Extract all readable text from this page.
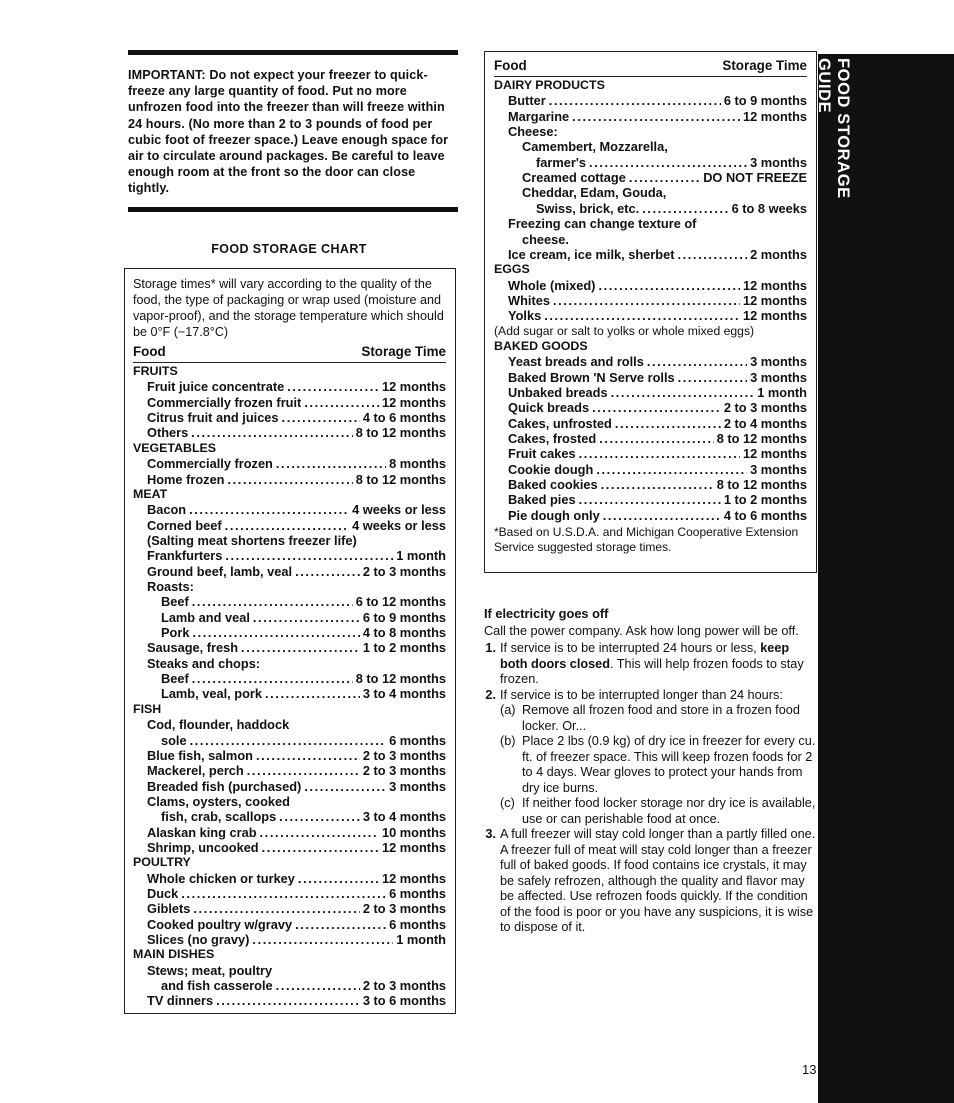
IMPORTANT: Do not expect your freezer to quick-freeze any large quantity of food. Put no more unfrozen food into the freezer than will freeze within 24 hours. (No more than 2 to 3 pounds of food per cubic foot of freezer space.) Leave enough space for air to circulate around packages. Be careful to leave enough room at the front so the door can close tightly.
FOOD STORAGE CHART
Storage times* will vary according to the quality of the food, the type of packaging or wrap used (moisture and vapor-proof), and the storage temperature which should be 0°F (−17.8°C)
Food	Storage Time
FRUITS
Fruit juice concentrate .....	12 months
Commercially frozen fruit .....	12 months
Citrus fruit and juices .....	4 to 6 months
Others .....	8 to 12 months
VEGETABLES
Commercially frozen .....	8 months
Home frozen .....	8 to 12 months
MEAT
Bacon .....	4 weeks or less
Corned beef .....	4 weeks or less
(Salting meat shortens freezer life)
Frankfurters .....	1 month
Ground beef, lamb, veal .....	2 to 3 months
Roasts:
Beef .....	6 to 12 months
Lamb and veal .....	6 to 9 months
Pork .....	4 to 8 months
Sausage, fresh .....	1 to 2 months
Steaks and chops:
Beef .....	8 to 12 months
Lamb, veal, pork .....	3 to 4 months
FISH
Cod, flounder, haddock
sole .....	6 months
Blue fish, salmon .....	2 to 3 months
Mackerel, perch .....	2 to 3 months
Breaded fish (purchased) .....	3 months
Clams, oysters, cooked
fish, crab, scallops .....	3 to 4 months
Alaskan king crab .....	10 months
Shrimp, uncooked .....	12 months
POULTRY
Whole chicken or turkey .....	12 months
Duck .....	6 months
Giblets .....	2 to 3 months
Cooked poultry w/gravy .....	6 months
Slices (no gravy) .....	1 month
MAIN DISHES
Stews; meat, poultry
and fish casserole .....	2 to 3 months
TV dinners .....	3 to 6 months
Food	Storage Time
DAIRY PRODUCTS
Butter .....	6 to 9 months
Margarine .....	12 months
Cheese:
Camembert, Mozzarella,
farmer's .....	3 months
Creamed cottage .....	DO NOT FREEZE
Cheddar, Edam, Gouda,
Swiss, brick, etc. .....	6 to 8 weeks
Freezing can change texture of
cheese.
Ice cream, ice milk, sherbet .....	2 months
EGGS
Whole (mixed) .....	12 months
Whites .....	12 months
Yolks .....	12 months
(Add sugar or salt to yolks or whole mixed eggs)
BAKED GOODS
Yeast breads and rolls .....	3 months
Baked Brown 'N Serve rolls .....	3 months
Unbaked breads .....	1 month
Quick breads .....	2 to 3 months
Cakes, unfrosted .....	2 to 4 months
Cakes, frosted .....	8 to 12 months
Fruit cakes .....	12 months
Cookie dough .....	3 months
Baked cookies .....	8 to 12 months
Baked pies .....	1 to 2 months
Pie dough only .....	4 to 6 months
*Based on U.S.D.A. and Michigan Cooperative Extension Service suggested storage times.
If electricity goes off

Call the power company. Ask how long power will be off.

1. If service is to be interrupted 24 hours or less, keep both doors closed. This will help frozen foods to stay frozen.
2. If service is to be interrupted longer than 24 hours:
(a) Remove all frozen food and store in a frozen food locker. Or...
(b) Place 2 lbs (0.9 kg) of dry ice in freezer for every cu. ft. of freezer space. This will keep frozen foods for 2 to 4 days. Wear gloves to protect your hands from dry ice burns.
(c) If neither food locker storage nor dry ice is available, use or can perishable food at once.
3. A full freezer will stay cold longer than a partly filled one. A freezer full of meat will stay cold longer than a freezer full of baked goods. If food contains ice crystals, it may be safely refrozen, although the quality and flavor may be affected. Use refrozen foods quickly. If the condition of the food is poor or you have any suspicions, it is wise to dispose of it.
FOOD STORAGE GUIDE
13
